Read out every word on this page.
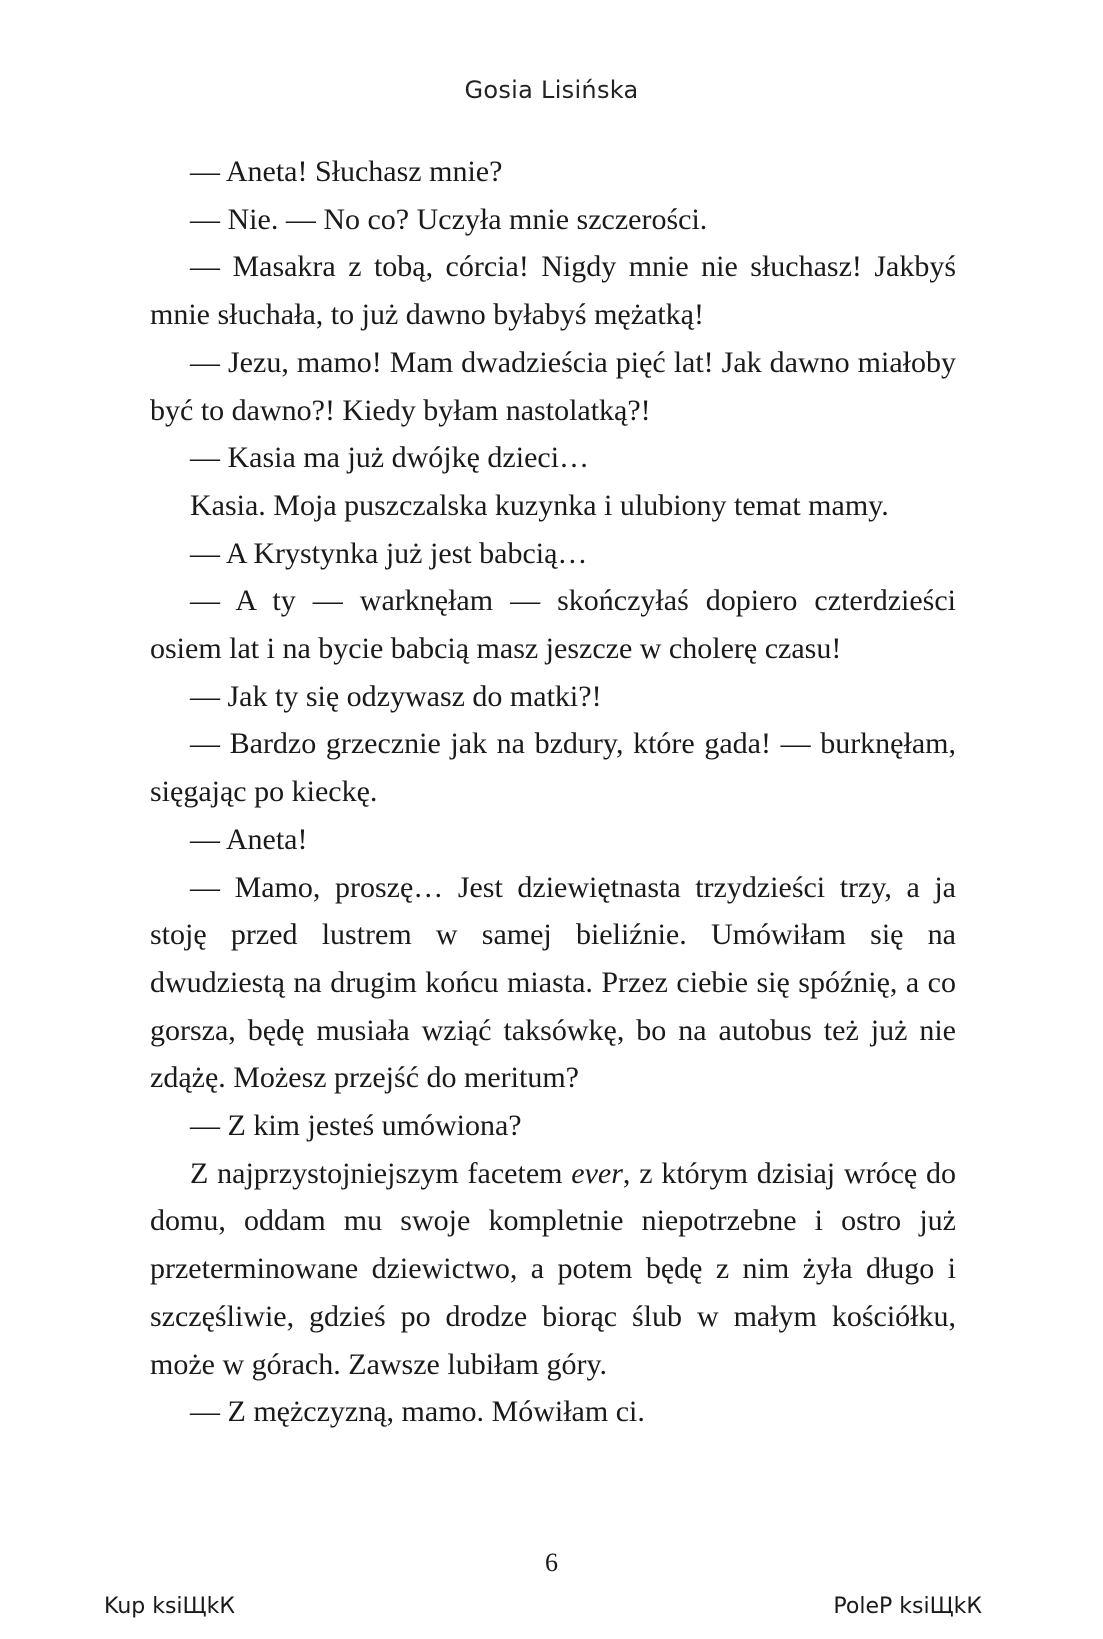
Gosia Lisińska

— Aneta! Słuchasz mnie?

— Nie. — No co? Uczyła mnie szczerości.

— Masakra z tobą, córcia! Nigdy mnie nie słuchasz! Jakbyś mnie słuchała, to już dawno byłabyś mężatką!

— Jezu, mamo! Mam dwadzieścia pięć lat! Jak dawno miałoby być to dawno?! Kiedy byłam nastolatką?!

— Kasia ma już dwójkę dzieci…

Kasia. Moja puszczalska kuzynka i ulubiony temat mamy.

— A Krystynka już jest babcią…

— A ty — warknęłam — skończyłaś dopiero czterdzieści osiem lat i na bycie babcią masz jeszcze w cholerę czasu!

— Jak ty się odzywasz do matki?!

— Bardzo grzecznie jak na bzdury, które gada! — burknęłam, sięgając po kieckę.

— Aneta!

— Mamo, proszę… Jest dziewiętnasta trzydzieści trzy, a ja stoję przed lustrem w samej bieliźnie. Umówiłam się na dwudziestą na drugim końcu miasta. Przez ciebie się spóźnię, a co gorsza, będę musiała wziąć taksówkę, bo na autobus też już nie zdążę. Możesz przejść do meritum?

— Z kim jesteś umówiona?

Z najprzystojniejszym facetem ever, z którym dzisiaj wrócę do domu, oddam mu swoje kompletnie niepotrzebne i ostro już przeterminowane dziewictwo, a potem będę z nim żyła długo i szczęśliwie, gdzieś po drodze biorąc ślub w małym kościółku, może w górach. Zawsze lubiłam góry.

— Z mężczyzną, mamo. Mówiłam ci.

6
Kup ksiЩkК	PoleР ksiЩkК
